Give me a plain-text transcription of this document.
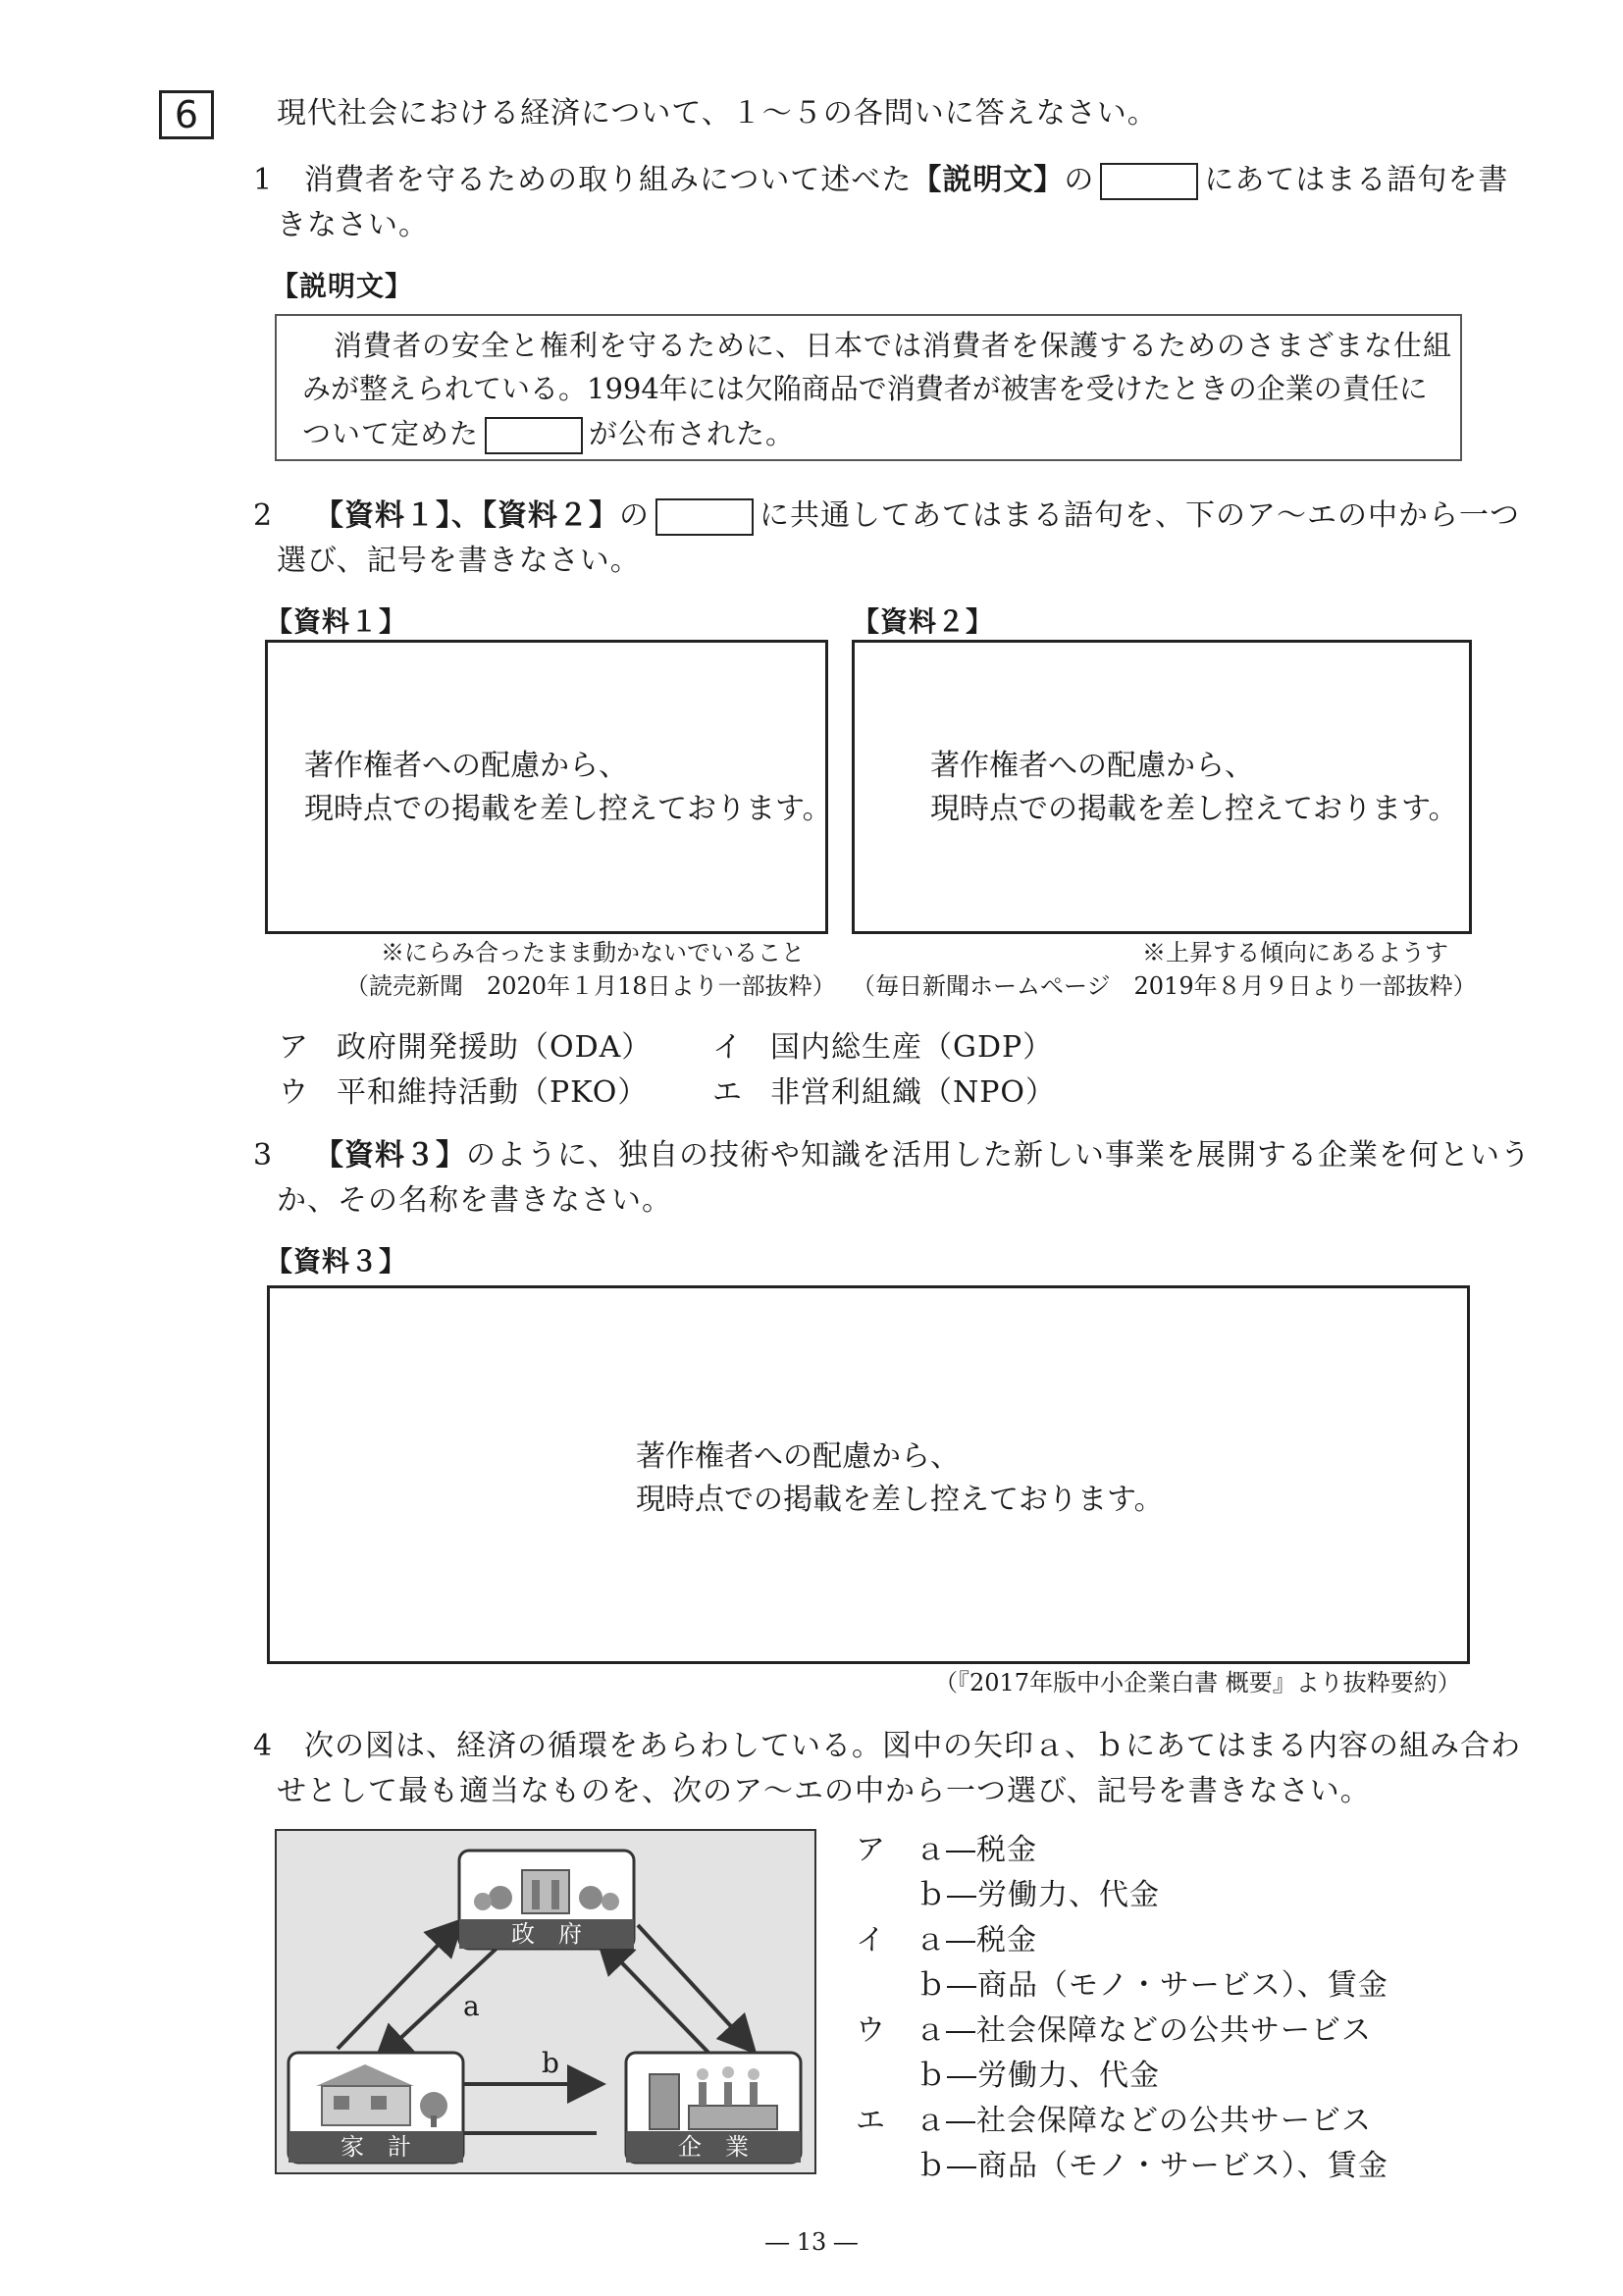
6	現代社会における経済について、１～５の各問いに答えなさい。
1 消費者を守るための取り組みについて述べた【説明文】の	にあてはまる語句を書
きなさい。
【説明文】
消費者の安全と権利を守るために、日本では消費者を保護するためのさまざまな仕組
みが整えられている。1994年には欠陥商品で消費者が被害を受けたときの企業の責任に
ついて定めた	が公布された。
2 【資料１】、【資料２】の	に共通してあてはまる語句を、下のア～エの中から一つ
選び、記号を書きなさい。
【資料１】	【資料２】
著作権者への配慮から、
現時点での掲載を差し控えております。
著作権者への配慮から、
現時点での掲載を差し控えております。
※にらみ合ったまま動かないでいること
（読売新聞　2020年１月18日より一部抜粋）
※上昇する傾向にあるようす
（毎日新聞ホームページ　2019年８月９日より一部抜粋）
ア 政府開発援助（ODA） イ 国内総生産（GDP）
ウ 平和維持活動（PKO） エ 非営利組織（NPO）
3 【資料３】のように、独自の技術や知識を活用した新しい事業を展開する企業を何という
か、その名称を書きなさい。
【資料３】
著作権者への配慮から、
現時点での掲載を差し控えております。
（『2017年版中小企業白書 概要』より抜粋要約）
4 次の図は、経済の循環をあらわしている。図中の矢印ａ、ｂにあてはまる内容の組み合わ
せとして最も適当なものを、次のア～エの中から一つ選び、記号を書きなさい。
政　府
家　計	企　業
a
b
ア ａ―税金
ｂ―労働力、代金
イ ａ―税金
ｂ―商品（モノ・サービス）、賃金
ウ ａ―社会保障などの公共サービス
ｂ―労働力、代金
エ ａ―社会保障などの公共サービス
ｂ―商品（モノ・サービス）、賃金
― 13 ―
